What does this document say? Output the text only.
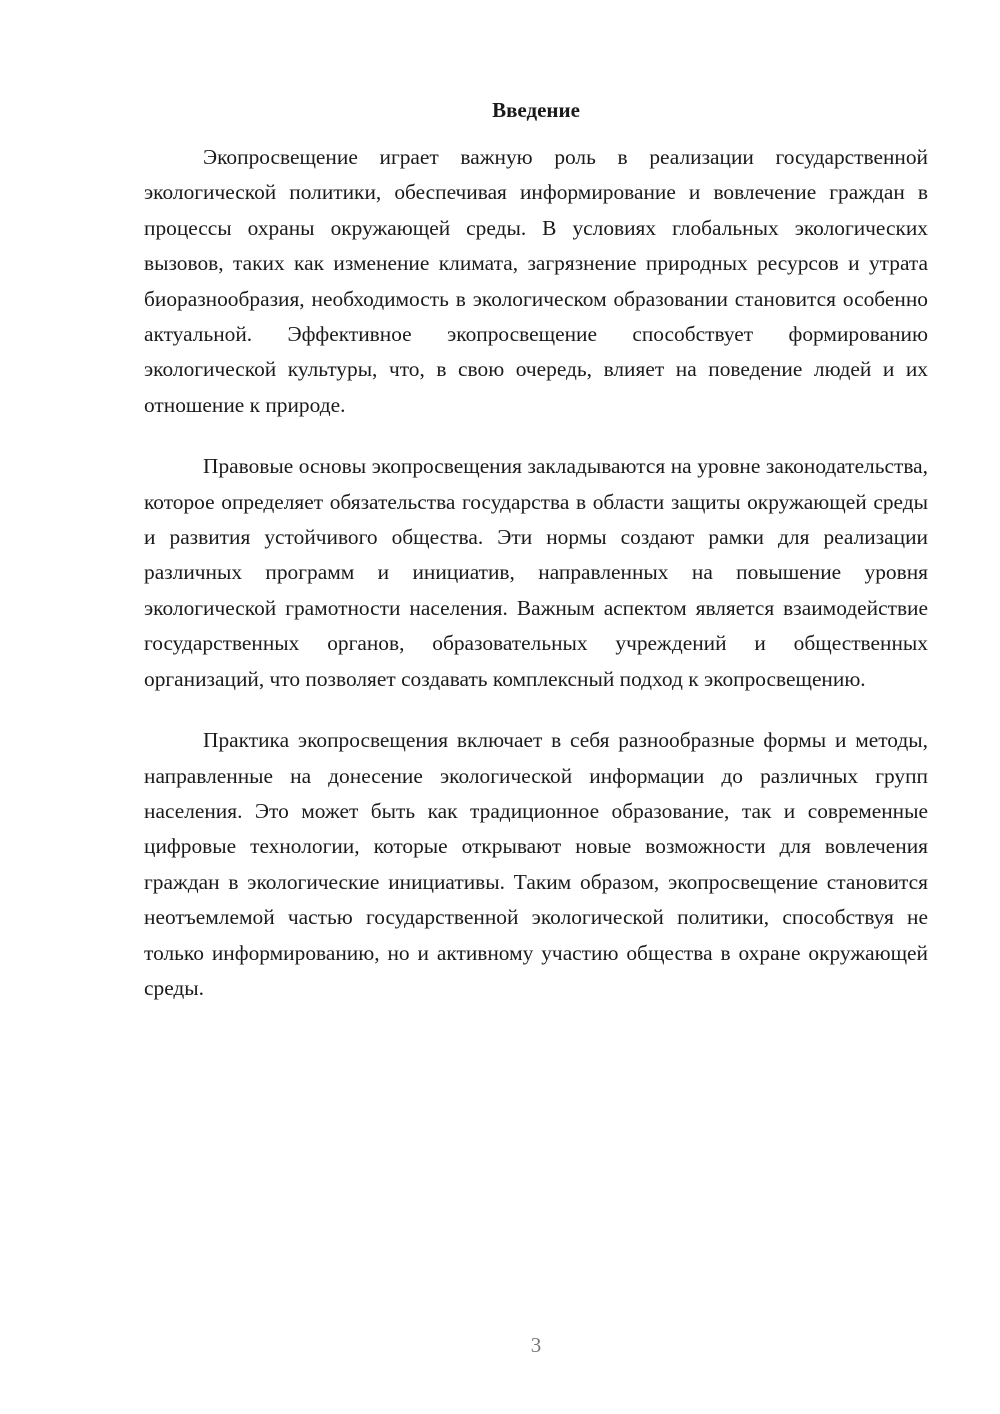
Введение

Экопросвещение играет важную роль в реализации государственной экологической политики, обеспечивая информирование и вовлечение граждан в процессы охраны окружающей среды. В условиях глобальных экологических вызовов, таких как изменение климата, загрязнение природных ресурсов и утрата биоразнообразия, необходимость в экологическом образовании становится особенно актуальной. Эффективное экопросвещение способствует формированию экологической культуры, что, в свою очередь, влияет на поведение людей и их отношение к природе.

Правовые основы экопросвещения закладываются на уровне законодательства, которое определяет обязательства государства в области защиты окружающей среды и развития устойчивого общества. Эти нормы создают рамки для реализации различных программ и инициатив, направленных на повышение уровня экологической грамотности населения. Важным аспектом является взаимодействие государственных органов, образовательных учреждений и общественных организаций, что позволяет создавать комплексный подход к экопросвещению.

Практика экопросвещения включает в себя разнообразные формы и методы, направленные на донесение экологической информации до различных групп населения. Это может быть как традиционное образование, так и современные цифровые технологии, которые открывают новые возможности для вовлечения граждан в экологические инициативы. Таким образом, экопросвещение становится неотъемлемой частью государственной экологической политики, способствуя не только информированию, но и активному участию общества в охране окружающей среды.

3
